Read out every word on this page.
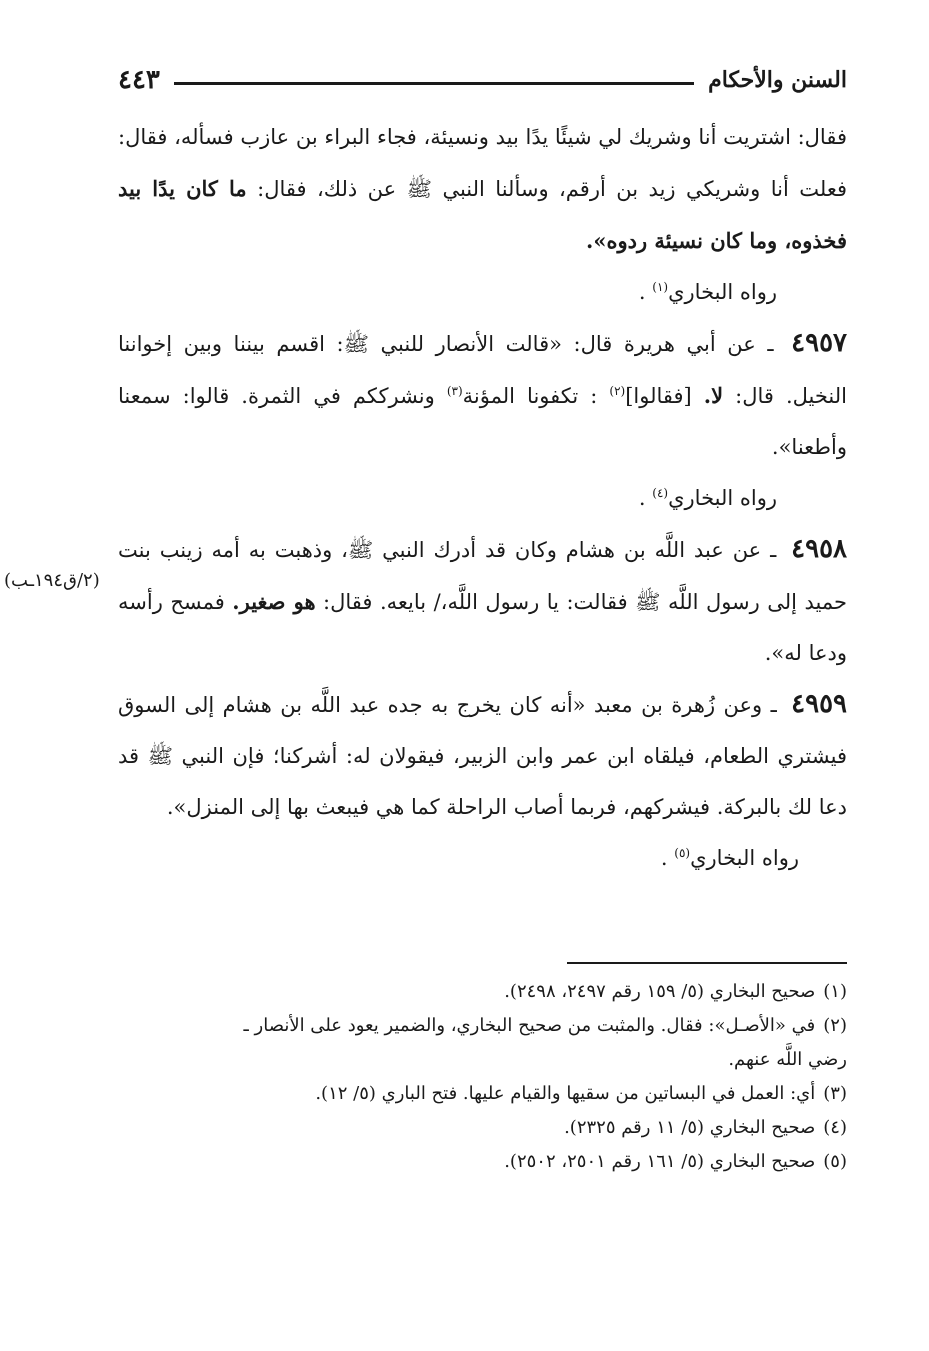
السنن والأحكام
٤٤٣

فقال: اشتريت أنا وشريك لي شيئًا يدًا بيد ونسيئة، فجاء البراء بن عازب فسأله، فقال: فعلت أنا وشريكي زيد بن أرقم، وسألنا النبي ﷺ عن ذلك، فقال: ما كان يدًا بيد فخذوه، وما كان نسيئة ردوه».

رواه البخاري$^{(١)}$ .

٤٩٥٧ ـ عن أبي هريرة قال: «قالت الأنصار للنبي ﷺ: اقسم بيننا وبين إخواننا النخيل. قال: لا. [فقالوا]$^{(٢)}$ : تكفونا المؤنة$^{(٣)}$ ونشرككم في الثمرة. قالوا: سمعنا وأطعنا».

رواه البخاري$^{(٤)}$ .

٤٩٥٨ ـ عن عبد اللَّه بن هشام وكان قد أدرك النبي ﷺ، وذهبت به أمه زينب بنت حميد إلى رسول اللَّه ﷺ فقالت: يا رسول اللَّه،/ بايعه. فقال: هو صغير. فمسح رأسه ودعا له».

٤٩٥٩ ـ وعن زُهرة بن معبد «أنه كان يخرج به جده عبد اللَّه بن هشام إلى السوق فيشتري الطعام، فيلقاه ابن عمر وابن الزبير، فيقولان له: أشركنا؛ فإن النبي ﷺ قد دعا لك بالبركة. فيشركهم، فربما أصاب الراحلة كما هي فيبعث بها إلى المنزل».

رواه البخاري$^{(٥)}$ .

(٢/ق١٩٤ـب)

(١)صحيح البخاري (٥/ ١٥٩ رقم ٢٤٩٧، ٢٤٩٨).

(٢)في «الأصـل»: فقال. والمثبت من صحيح البخاري، والضمير يعود على الأنصار ـ

رضي اللَّه عنهم.

(٣)أي: العمل في البساتين من سقيها والقيام عليها. فتح الباري (٥/ ١٢).

(٤)صحيح البخاري (٥/ ١١ رقم ٢٣٢٥).

(٥)صحيح البخاري (٥/ ١٦١ رقم ٢٥٠١، ٢٥٠٢).
